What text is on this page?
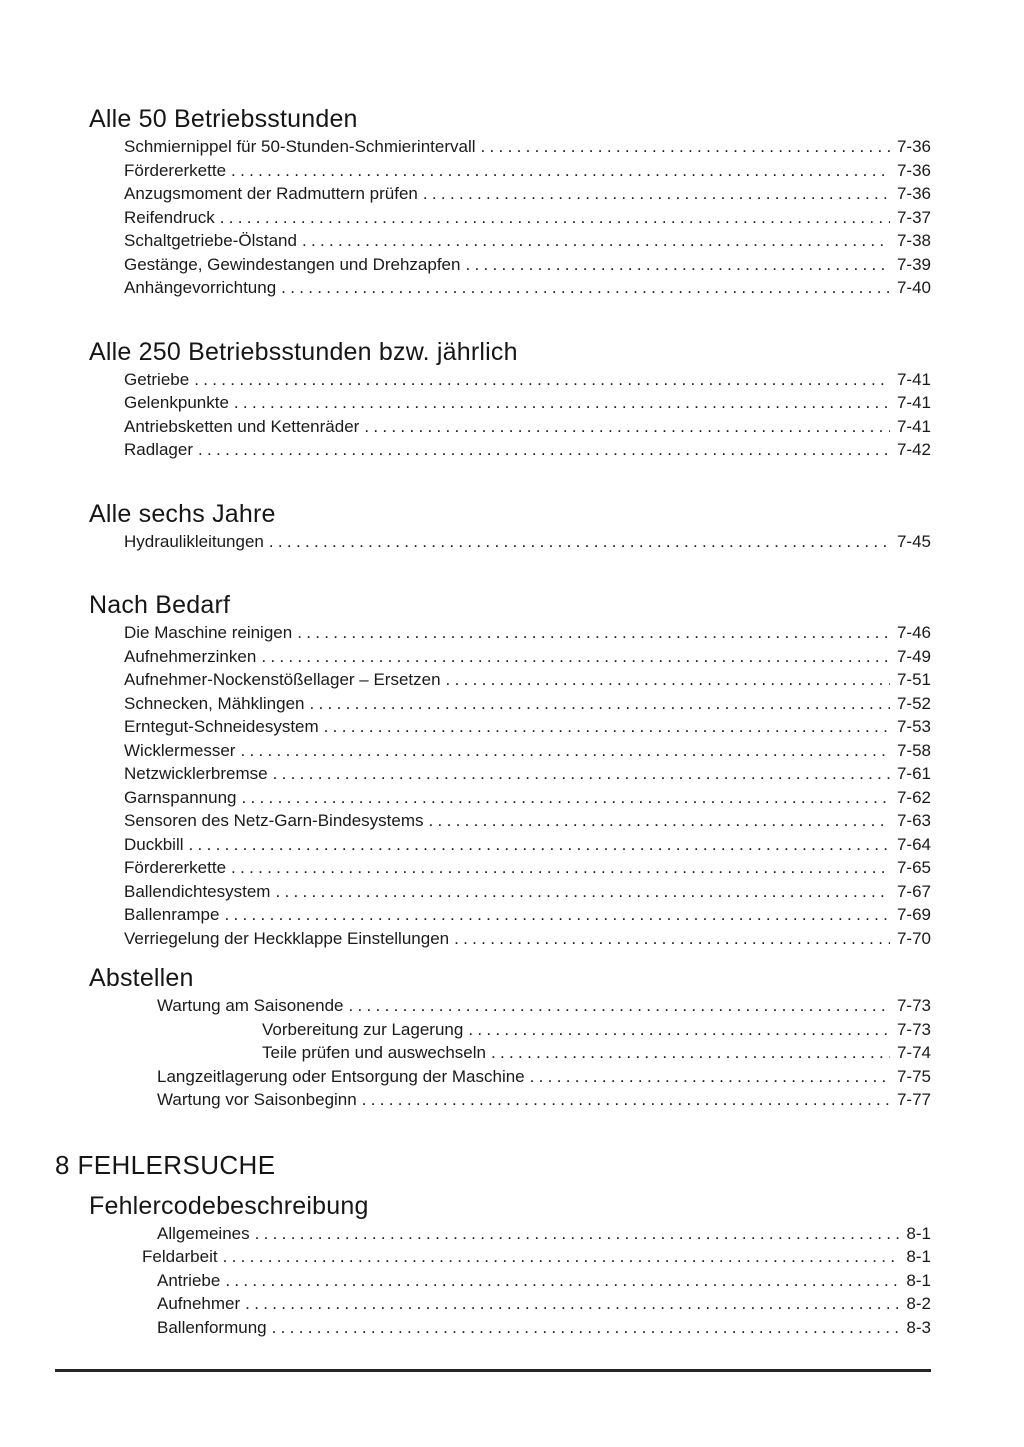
Alle 50 Betriebsstunden
Schmiernippel für 50-Stunden-Schmierintervall .....	7-36
Fördererkette .....	7-36
Anzugsmoment der Radmuttern prüfen .....	7-36
Reifendruck .....	7-37
Schaltgetriebe-Ölstand .....	7-38
Gestänge, Gewindestangen und Drehzapfen .....	7-39
Anhängevorrichtung .....	7-40
Alle 250 Betriebsstunden bzw. jährlich
Getriebe .....	7-41
Gelenkpunkte .....	7-41
Antriebsketten und Kettenräder .....	7-41
Radlager .....	7-42
Alle sechs Jahre
Hydraulikleitungen .....	7-45
Nach Bedarf
Die Maschine reinigen .....	7-46
Aufnehmerzinken .....	7-49
Aufnehmer-Nockenstößellager – Ersetzen .....	7-51
Schnecken, Mähklingen .....	7-52
Erntegut-Schneidesystem .....	7-53
Wicklermesser .....	7-58
Netzwicklerbremse .....	7-61
Garnspannung .....	7-62
Sensoren des Netz-Garn-Bindesystems .....	7-63
Duckbill .....	7-64
Fördererkette .....	7-65
Ballendichtesystem .....	7-67
Ballenrampe .....	7-69
Verriegelung der Heckklappe Einstellungen .....	7-70
Abstellen
Wartung am Saisonende .....	7-73
Vorbereitung zur Lagerung .....	7-73
Teile prüfen und auswechseln .....	7-74
Langzeitlagerung oder Entsorgung der Maschine .....	7-75
Wartung vor Saisonbeginn .....	7-77
8 FEHLERSUCHE
Fehlercodebeschreibung
Allgemeines .....	8-1
Feldarbeit .....	8-1
Antriebe .....	8-1
Aufnehmer .....	8-2
Ballenformung .....	8-3
